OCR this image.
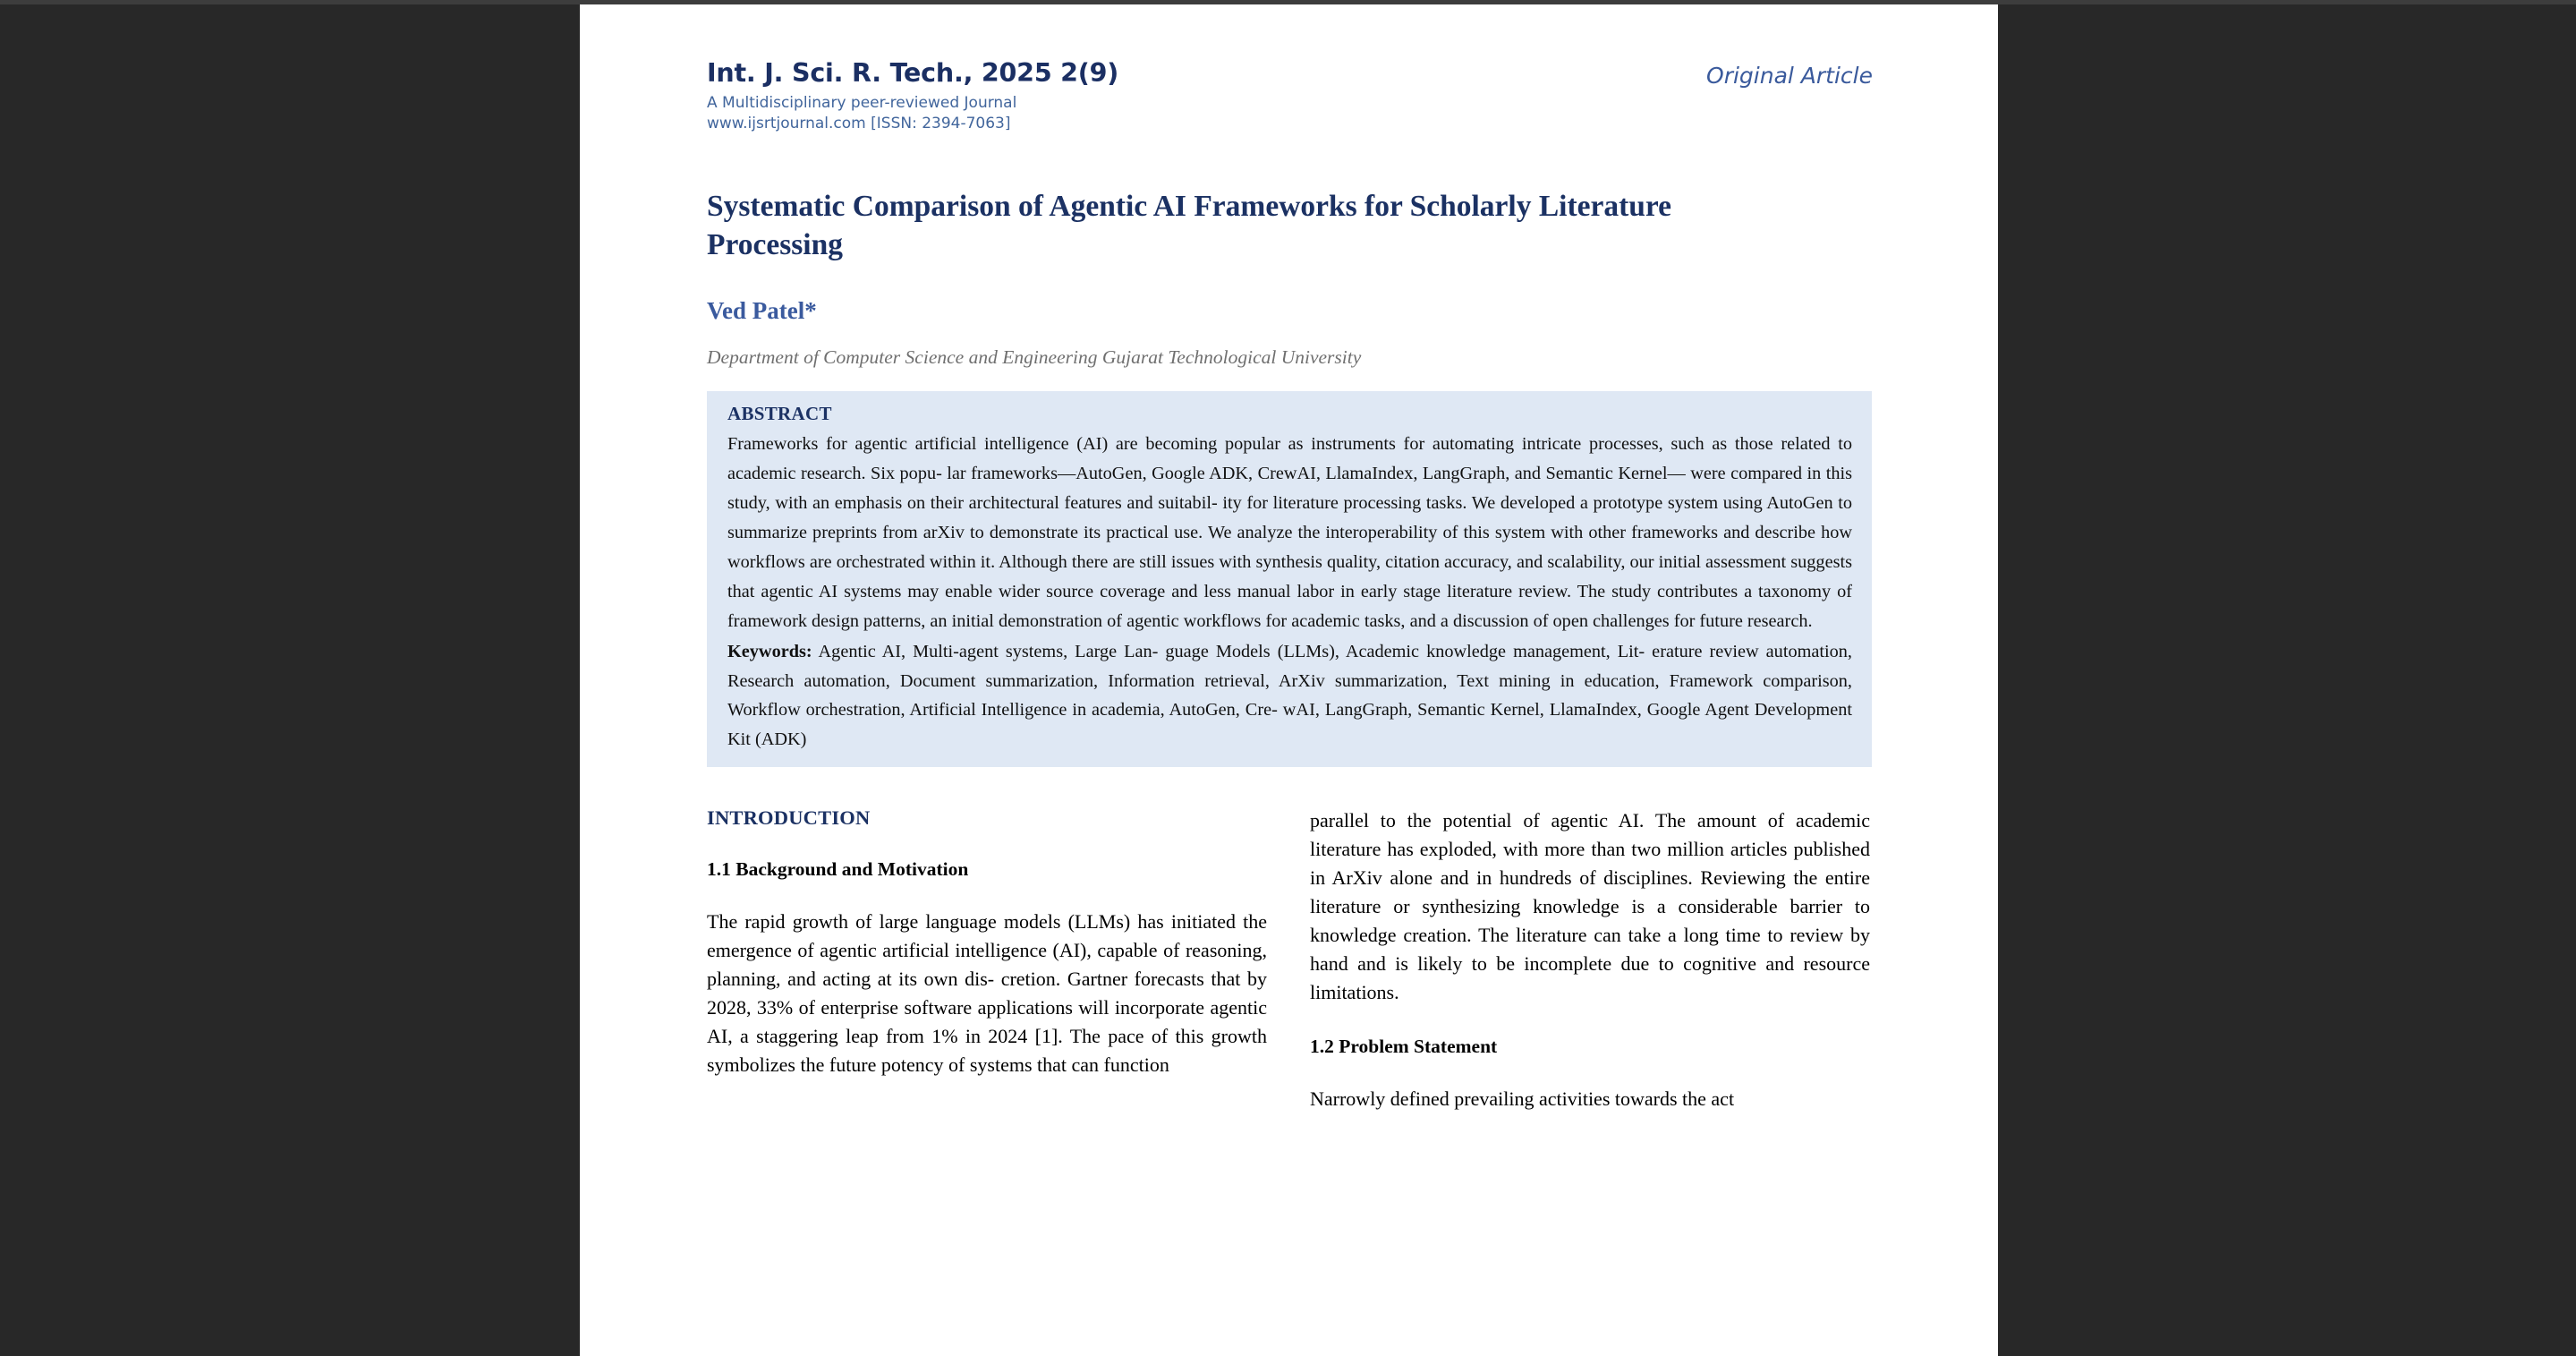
Int. J. Sci. R. Tech., 2025 2(9)
A Multidisciplinary peer-reviewed Journal
www.ijsrtjournal.com [ISSN: 2394-7063]
Original Article
Systematic Comparison of Agentic AI Frameworks for Scholarly Literature Processing
Ved Patel*
Department of Computer Science and Engineering Gujarat Technological University
ABSTRACT
Frameworks for agentic artificial intelligence (AI) are becoming popular as instruments for automating intricate processes, such as those related to academic research. Six popu- lar frameworks—AutoGen, Google ADK, CrewAI, LlamaIndex, LangGraph, and Semantic Kernel— were compared in this study, with an emphasis on their architectural features and suitabil- ity for literature processing tasks. We developed a prototype system using AutoGen to summarize preprints from arXiv to demonstrate its practical use. We analyze the interoperability of this system with other frameworks and describe how workflows are orchestrated within it. Although there are still issues with synthesis quality, citation accuracy, and scalability, our initial assessment suggests that agentic AI systems may enable wider source coverage and less manual labor in early stage literature review. The study contributes a taxonomy of framework design patterns, an initial demonstration of agentic workflows for academic tasks, and a discussion of open challenges for future research.
Keywords: Agentic AI, Multi-agent systems, Large Lan- guage Models (LLMs), Academic knowledge management, Lit- erature review automation, Research automation, Document summarization, Information retrieval, ArXiv summarization, Text mining in education, Framework comparison, Workflow orchestration, Artificial Intelligence in academia, AutoGen, Cre- wAI, LangGraph, Semantic Kernel, LlamaIndex, Google Agent Development Kit (ADK)
INTRODUCTION
1.1 Background and Motivation

The rapid growth of large language models (LLMs) has initiated the emergence of agentic artificial intelligence (AI), capable of reasoning, planning, and acting at its own dis- cretion. Gartner forecasts that by 2028, 33% of enterprise software applications will incorporate agentic AI, a staggering leap from 1% in 2024 [1]. The pace of this growth symbolizes the future potency of systems that can function

parallel to the potential of agentic AI. The amount of academic literature has exploded, with more than two million articles published in ArXiv alone and in hundreds of disciplines. Reviewing the entire literature or synthesizing knowledge is a considerable barrier to knowledge creation. The literature can take a long time to review by hand and is likely to be incomplete due to cognitive and resource limitations.

1.2 Problem Statement

Narrowly defined prevailing activities towards the act
